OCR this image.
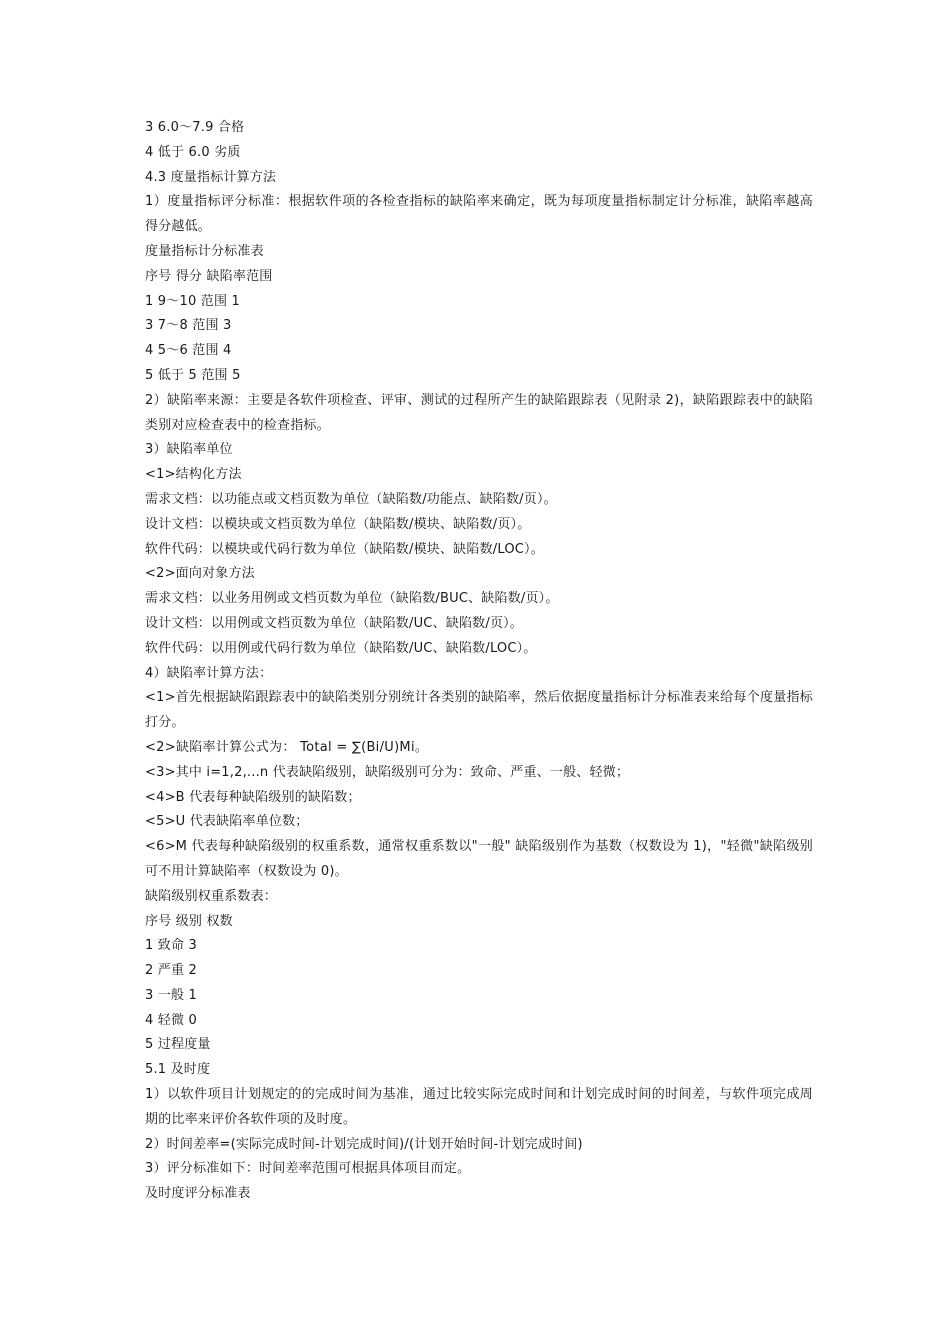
3 6.0～7.9 合格
4 低于 6.0 劣质
4.3 度量指标计算方法
1）度量指标评分标准：根据软件项的各检查指标的缺陷率来确定，既为每项度量指标制定计分标准，缺陷率越高得分越低。
度量指标计分标准表
序号 得分 缺陷率范围
1 9～10 范围 1
3 7～8 范围 3
4 5～6 范围 4
5 低于 5 范围 5
2）缺陷率来源：主要是各软件项检查、评审、测试的过程所产生的缺陷跟踪表（见附录 2)，缺陷跟踪表中的缺陷类别对应检查表中的检查指标。
3）缺陷率单位
<1>结构化方法
需求文档：以功能点或文档页数为单位（缺陷数/功能点、缺陷数/页）。
设计文档：以模块或文档页数为单位（缺陷数/模块、缺陷数/页）。
软件代码：以模块或代码行数为单位（缺陷数/模块、缺陷数/LOC）。
<2>面向对象方法
需求文档：以业务用例或文档页数为单位（缺陷数/BUC、缺陷数/页）。
设计文档：以用例或文档页数为单位（缺陷数/UC、缺陷数/页）。
软件代码：以用例或代码行数为单位（缺陷数/UC、缺陷数/LOC）。
4）缺陷率计算方法：
<1>首先根据缺陷跟踪表中的缺陷类别分别统计各类别的缺陷率，然后依据度量指标计分标准表来给每个度量指标打分。
<2>缺陷率计算公式为： Total = ∑(Bi/U)Mi。
<3>其中 i=1,2,...n 代表缺陷级别，缺陷级别可分为：致命、严重、一般、轻微；
<4>B 代表每种缺陷级别的缺陷数；
<5>U 代表缺陷率单位数；
<6>M 代表每种缺陷级别的权重系数，通常权重系数以"一般" 缺陷级别作为基数（权数设为 1)，"轻微"缺陷级别可不用计算缺陷率（权数设为 0)。
缺陷级别权重系数表：
序号 级别 权数
1 致命 3
2 严重 2
3 一般 1
4 轻微 0
5 过程度量
5.1 及时度
1）以软件项目计划规定的的完成时间为基准，通过比较实际完成时间和计划完成时间的时间差，与软件项完成周期的比率来评价各软件项的及时度。
2）时间差率=(实际完成时间-计划完成时间)/(计划开始时间-计划完成时间)
3）评分标准如下：时间差率范围可根据具体项目而定。
及时度评分标准表
